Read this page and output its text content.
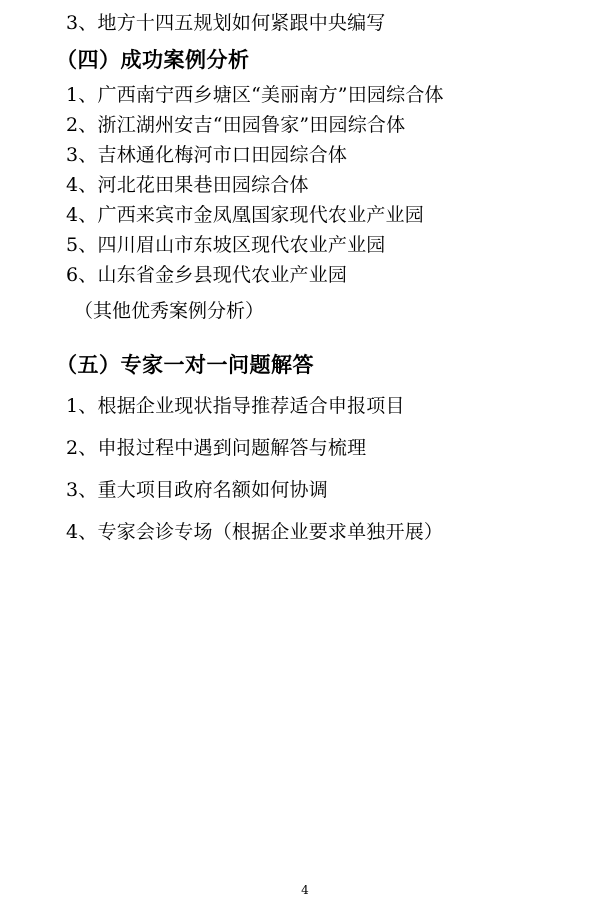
3、地方十四五规划如何紧跟中央编写
（四）成功案例分析
1、广西南宁西乡塘区“美丽南方”田园综合体
2、浙江湖州安吉“田园鲁家”田园综合体
3、吉林通化梅河市口田园综合体
4、河北花田果巷田园综合体
4、广西来宾市金凤凰国家现代农业产业园
5、四川眉山市东坡区现代农业产业园
6、山东省金乡县现代农业产业园
（其他优秀案例分析）
（五）专家一对一问题解答
1、根据企业现状指导推荐适合申报项目
2、申报过程中遇到问题解答与梳理
3、重大项目政府名额如何协调
4、专家会诊专场（根据企业要求单独开展）
4
